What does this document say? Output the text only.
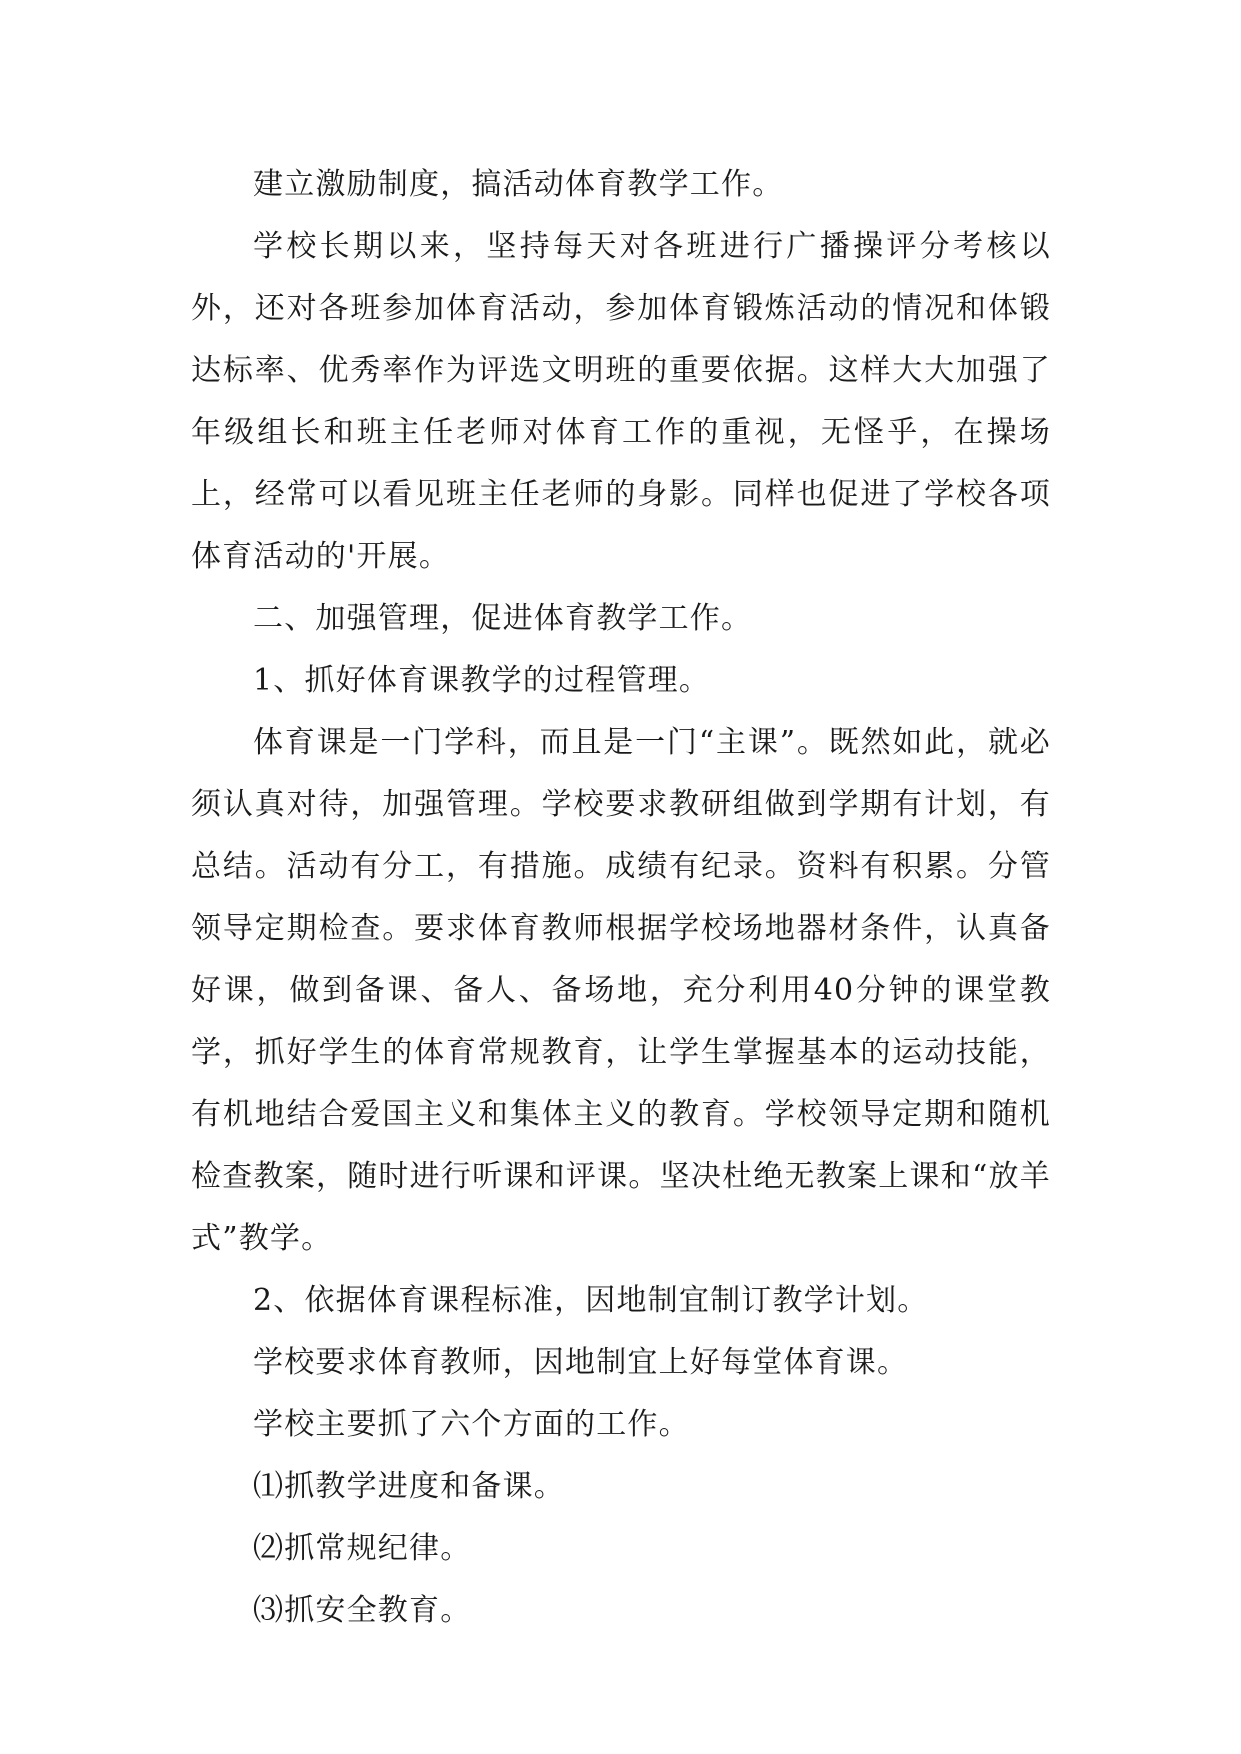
建立激励制度，搞活动体育教学工作。

学校长期以来，坚持每天对各班进行广播操评分考核以外，还对各班参加体育活动，参加体育锻炼活动的情况和体锻达标率、优秀率作为评选文明班的重要依据。这样大大加强了年级组长和班主任老师对体育工作的重视，无怪乎，在操场上，经常可以看见班主任老师的身影。同样也促进了学校各项体育活动的'开展。

二、加强管理，促进体育教学工作。

1、抓好体育课教学的过程管理。

体育课是一门学科，而且是一门“主课”。既然如此，就必须认真对待，加强管理。学校要求教研组做到学期有计划，有总结。活动有分工，有措施。成绩有纪录。资料有积累。分管领导定期检查。要求体育教师根据学校场地器材条件，认真备好课，做到备课、备人、备场地，充分利用40分钟的课堂教学，抓好学生的体育常规教育，让学生掌握基本的运动技能，有机地结合爱国主义和集体主义的教育。学校领导定期和随机检查教案，随时进行听课和评课。坚决杜绝无教案上课和“放羊式”教学。

2、依据体育课程标准，因地制宜制订教学计划。

学校要求体育教师，因地制宜上好每堂体育课。

学校主要抓了六个方面的工作。

⑴抓教学进度和备课。

⑵抓常规纪律。

⑶抓安全教育。
